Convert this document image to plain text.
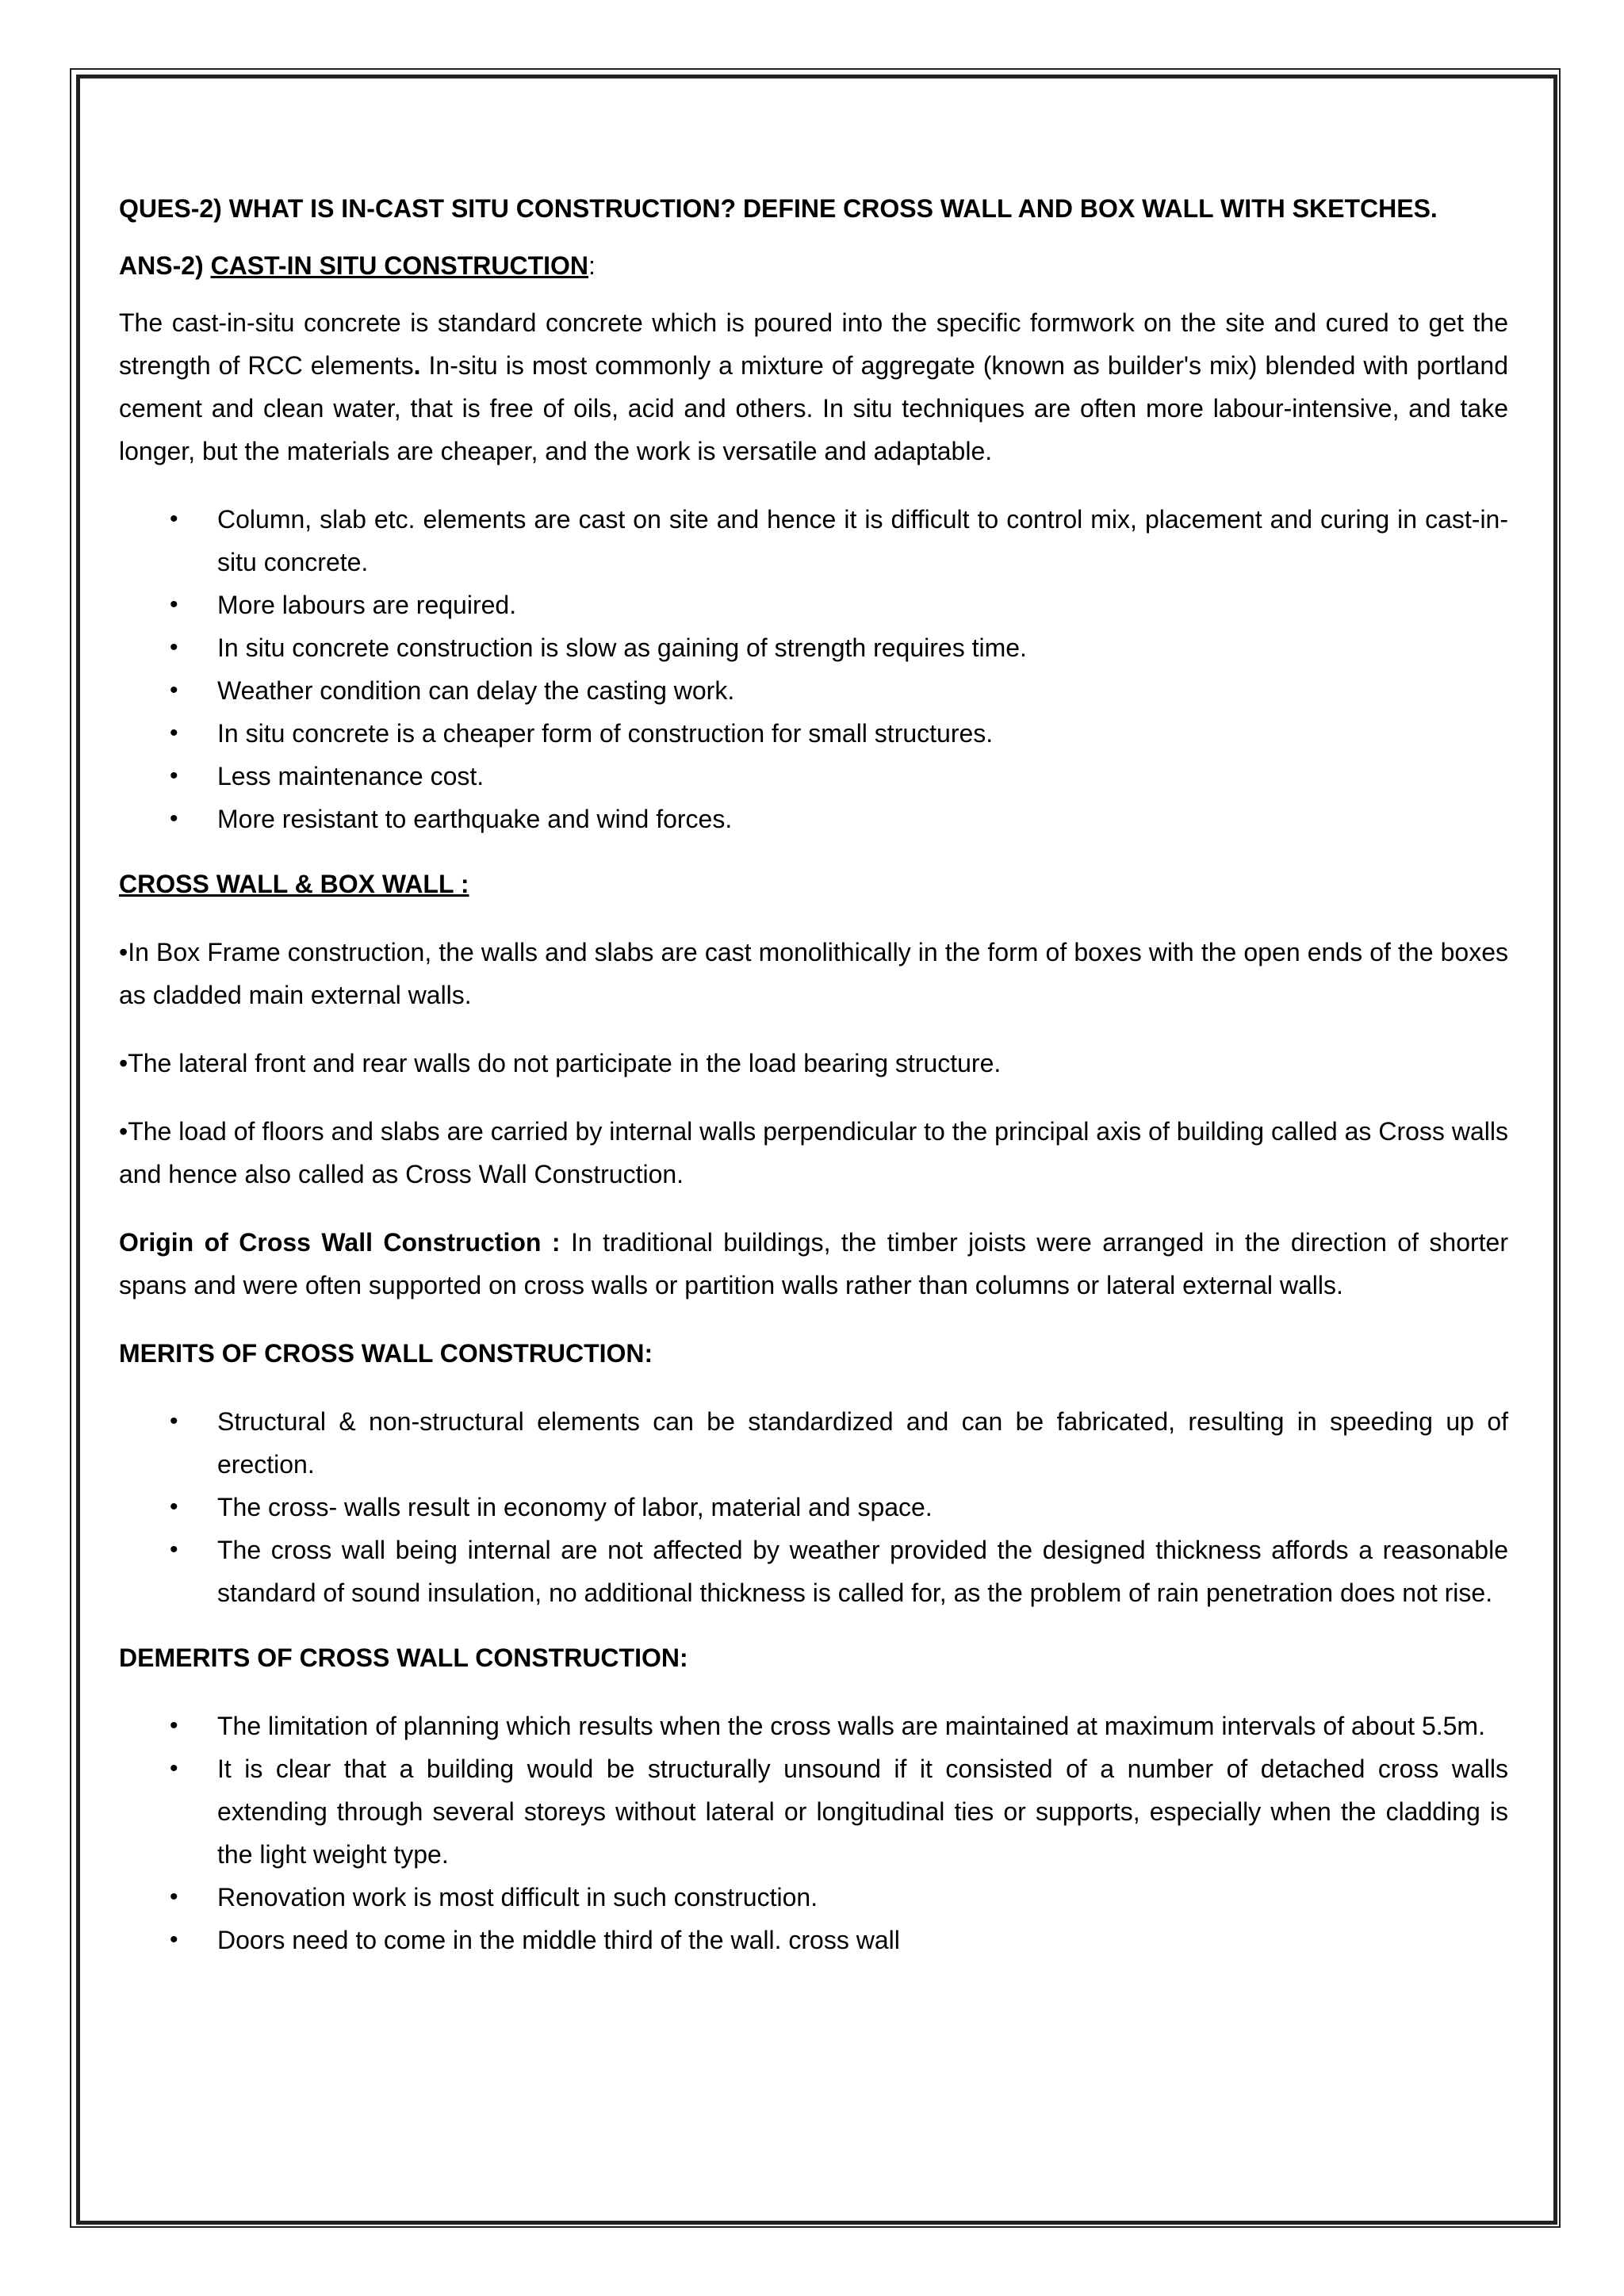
QUES-2) WHAT IS IN-CAST SITU CONSTRUCTION? DEFINE CROSS WALL AND BOX WALL WITH SKETCHES.

ANS-2) CAST-IN SITU CONSTRUCTION:

The cast-in-situ concrete is standard concrete which is poured into the specific formwork on the site and cured to get the strength of RCC elements. In-situ is most commonly a mixture of aggregate (known as builder's mix) blended with portland cement and clean water, that is free of oils, acid and others. In situ techniques are often more labour-intensive, and take longer, but the materials are cheaper, and the work is versatile and adaptable.

• Column, slab etc. elements are cast on site and hence it is difficult to control mix, placement and curing in cast-in-situ concrete.
• More labours are required.
• In situ concrete construction is slow as gaining of strength requires time.
• Weather condition can delay the casting work.
• In situ concrete is a cheaper form of construction for small structures.
• Less maintenance cost.
• More resistant to earthquake and wind forces.

CROSS WALL & BOX WALL :

•In Box Frame construction, the walls and slabs are cast monolithically in the form of boxes with the open ends of the boxes as cladded main external walls.

•The lateral front and rear walls do not participate in the load bearing structure.

•The load of floors and slabs are carried by internal walls perpendicular to the principal axis of building called as Cross walls and hence also called as Cross Wall Construction.

Origin of Cross Wall Construction : In traditional buildings, the timber joists were arranged in the direction of shorter spans and were often supported on cross walls or partition walls rather than columns or lateral external walls.

MERITS OF CROSS WALL CONSTRUCTION:

• Structural & non-structural elements can be standardized and can be fabricated, resulting in speeding up of erection.
• The cross- walls result in economy of labor, material and space.
• The cross wall being internal are not affected by weather provided the designed thickness affords a reasonable standard of sound insulation, no additional thickness is called for, as the problem of rain penetration does not rise.

DEMERITS OF CROSS WALL CONSTRUCTION:

• The limitation of planning which results when the cross walls are maintained at maximum intervals of about 5.5m.
• It is clear that a building would be structurally unsound if it consisted of a number of detached cross walls extending through several storeys without lateral or longitudinal ties or supports, especially when the cladding is the light weight type.
• Renovation work is most difficult in such construction.
• Doors need to come in the middle third of the wall. cross wall
